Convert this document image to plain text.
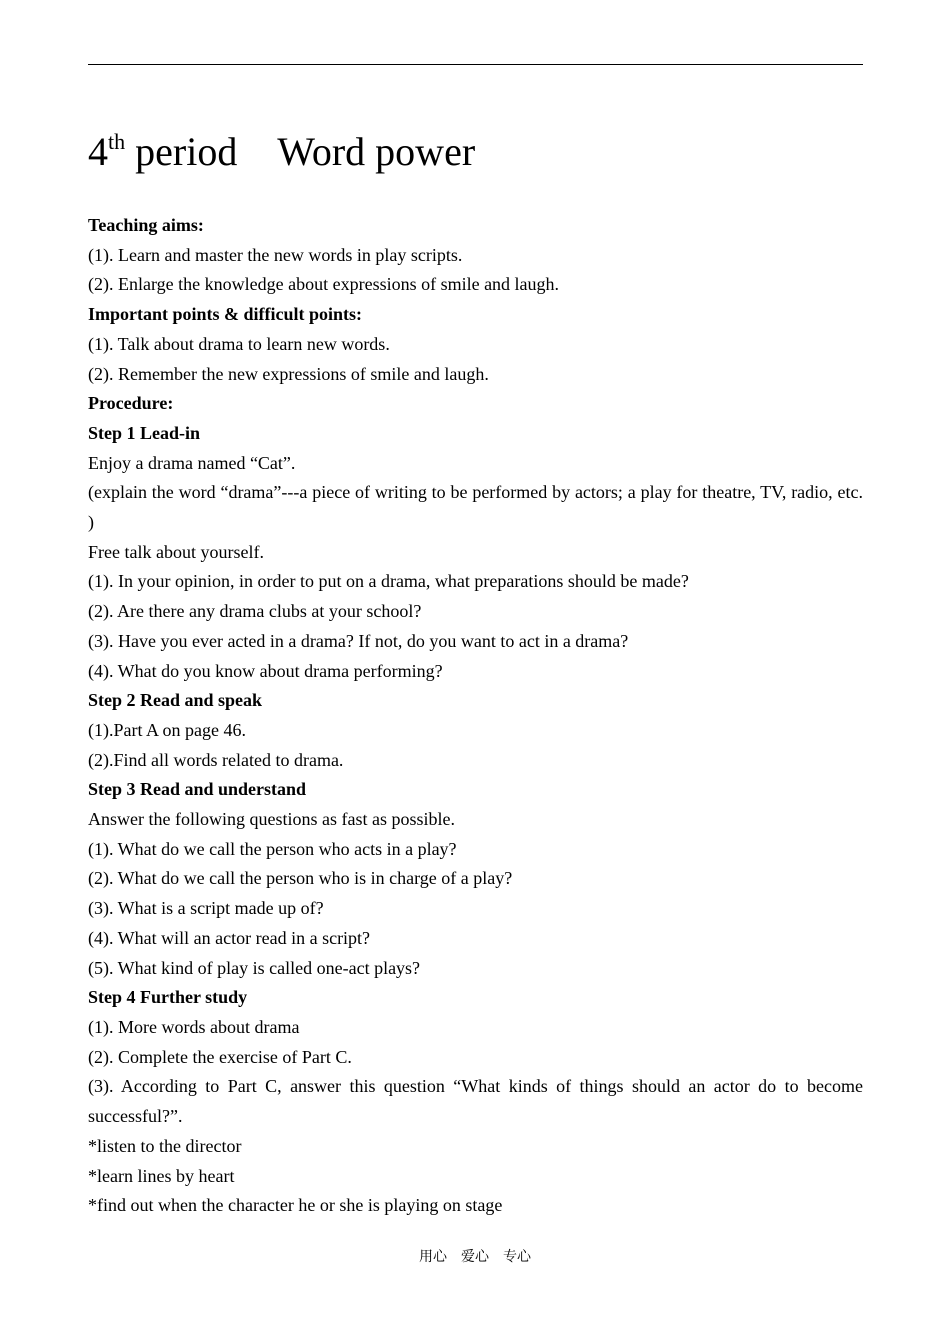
4th period　Word power

Teaching aims:

(1). Learn and master the new words in play scripts.

(2). Enlarge the knowledge about expressions of smile and laugh.

Important points & difficult points:

(1). Talk about drama to learn new words.

(2). Remember the new expressions of smile and laugh.

Procedure:

Step 1 Lead-in

Enjoy a drama named “Cat”.

(explain the word “drama”---a piece of writing to be performed by actors; a play for theatre, TV, radio, etc. )

Free talk about yourself.

(1). In your opinion, in order to put on a drama, what preparations should be made?

(2). Are there any drama clubs at your school?

(3). Have you ever acted in a drama? If not, do you want to act in a drama?

(4). What do you know about drama performing?

Step 2 Read and speak

(1).Part A on page 46.

(2).Find all words related to drama.

Step 3 Read and understand

Answer the following questions as fast as possible.

(1). What do we call the person who acts in a play?

(2). What do we call the person who is in charge of a play?

(3). What is a script made up of?

(4). What will an actor read in a script?

(5). What kind of play is called one-act plays?

Step 4 Further study

(1). More words about drama

(2). Complete the exercise of Part C.

(3). According to Part C, answer this question “What kinds of things should an actor do to become successful?”.

*listen to the director

*learn lines by heart

*find out when the character he or she is playing on stage

用心　爱心　专心
